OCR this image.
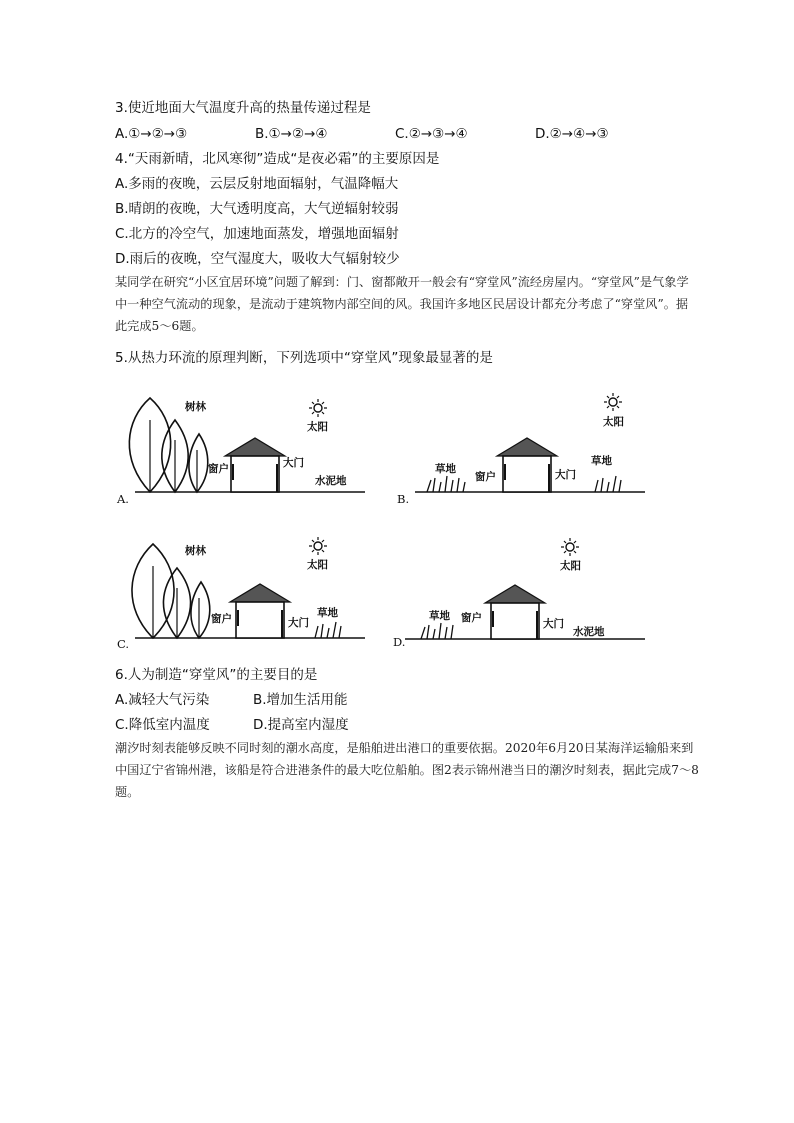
3.使近地面大气温度升高的热量传递过程是
A.①→②→③	B.①→②→④	C.②→③→④	D.②→④→③
4.“天雨新晴，北风寒彻”造成“是夜必霜”的主要原因是
A.多雨的夜晚，云层反射地面辐射，气温降幅大
B.晴朗的夜晚，大气透明度高，大气逆辐射较弱
C.北方的冷空气，加速地面蒸发，增强地面辐射
D.雨后的夜晚，空气湿度大，吸收大气辐射较少
某同学在研究“小区宜居环境”问题了解到：门、窗都敞开一般会有“穿堂风”流经房屋内。“穿堂风”是气象学中一种空气流动的现象，是流动于建筑物内部空间的风。我国许多地区民居设计都充分考虑了“穿堂风”。据此完成5～6题。
5.从热力环流的原理判断，下列选项中“穿堂风”现象最显著的是
树林
窗户	大门
水泥地
太阳
A.
草地
窗户	大门
草地
太阳
B.
树林
窗户	大门
草地
太阳
C.
草地 窗户	大门
水泥地
太阳
D.
6.人为制造“穿堂风”的主要目的是
A.减轻大气污染	B.增加生活用能
C.降低室内温度	D.提高室内湿度
潮汐时刻表能够反映不同时刻的潮水高度，是船舶进出港口的重要依据。2020年6月20日某海洋运输船来到中国辽宁省锦州港，该船是符合进港条件的最大吃位船舶。图2表示锦州港当日的潮汐时刻表，据此完成7～8题。
